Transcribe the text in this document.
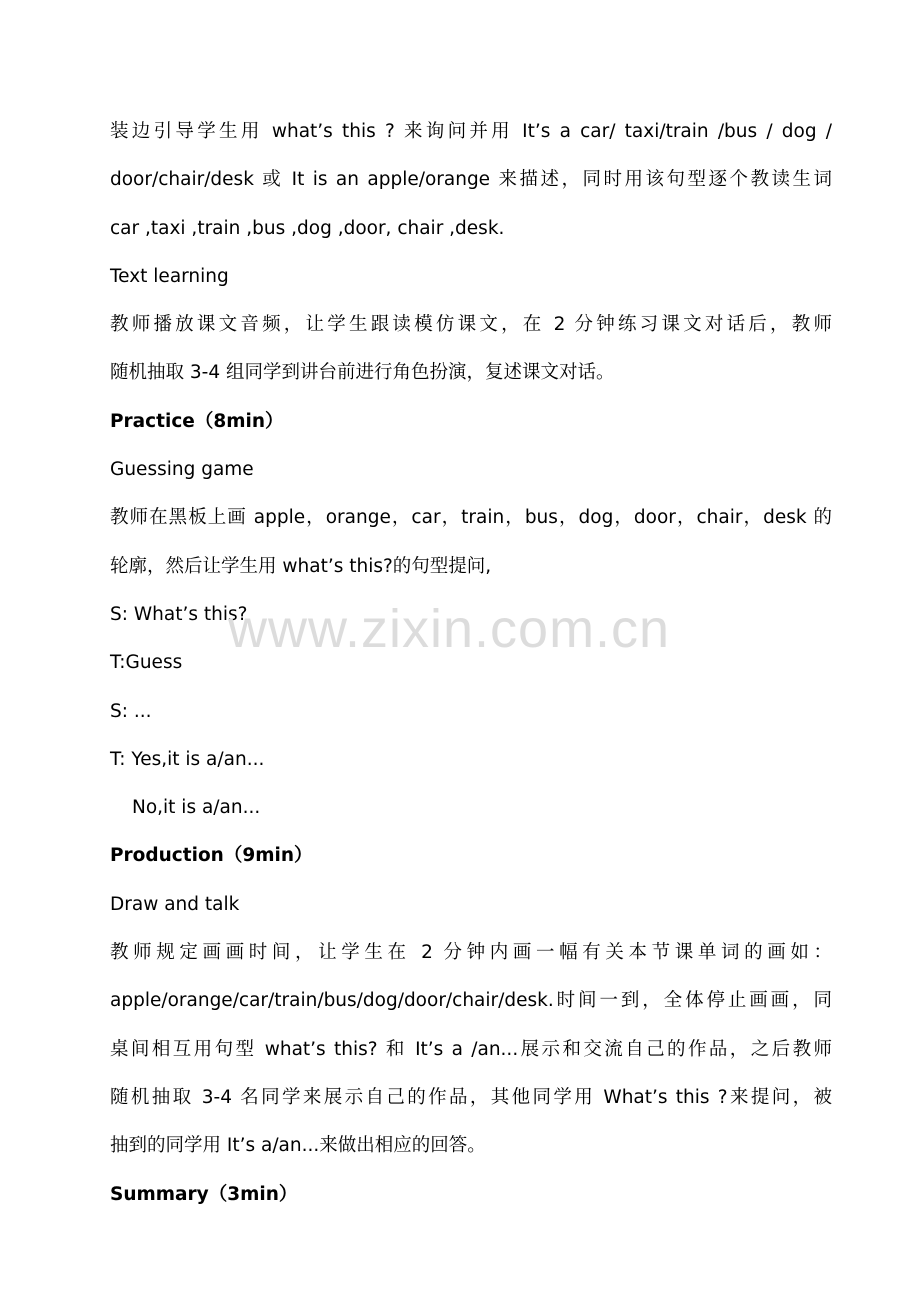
装边引导学生用 what’s this ? 来询问并用 It’s a car/ taxi/train /bus / dog /
door/chair/desk 或 It is an apple/orange 来描述，同时用该句型逐个教读生词
car ,taxi ,train ,bus ,dog ,door, chair ,desk.
Text learning
教师播放课文音频，让学生跟读模仿课文，在 2 分钟练习课文对话后，教师
随机抽取 3-4 组同学到讲台前进行角色扮演，复述课文对话。
Practice（8min）
Guessing game
教师在黑板上画 apple，orange，car，train，bus，dog，door，chair，desk 的
轮廓，然后让学生用 what’s this?的句型提问,
S: What’s this?
T:Guess
S: ...
T: Yes,it is a/an...
No,it is a/an...
Production（9min）
Draw and talk
教师规定画画时间，让学生在 2 分钟内画一幅有关本节课单词的画如：
apple/orange/car/train/bus/dog/door/chair/desk.时间一到，全体停止画画，同
桌间相互用句型 what’s this? 和 It’s a /an...展示和交流自己的作品，之后教师
随机抽取 3-4 名同学来展示自己的作品，其他同学用 What’s this ?来提问，被
抽到的同学用 It’s a/an...来做出相应的回答。
Summary（3min）
www.zixin.com.cn
